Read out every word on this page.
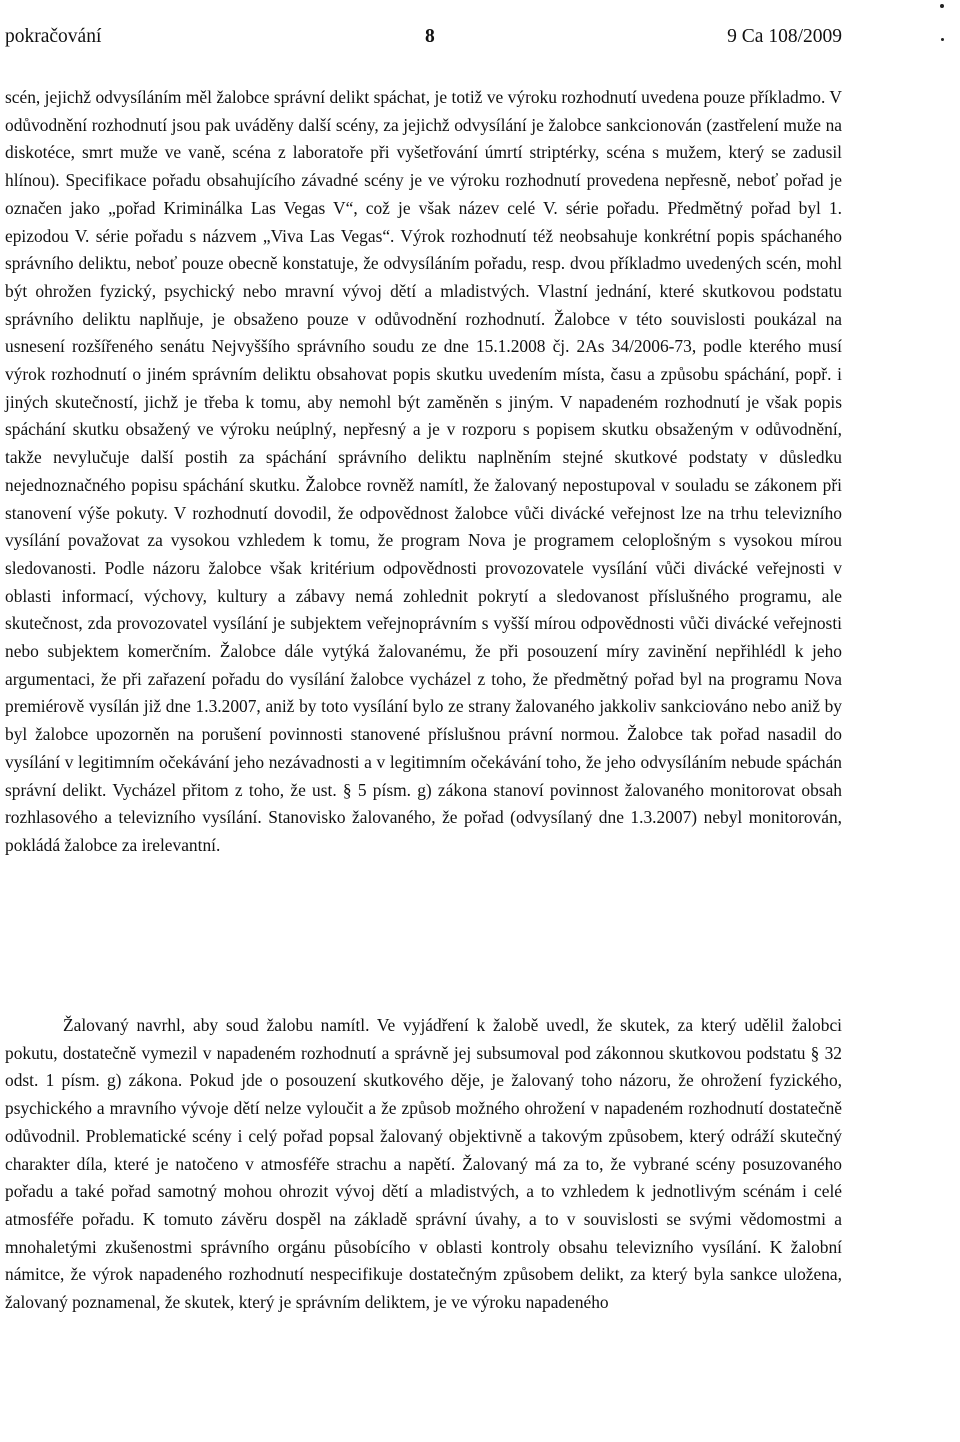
pokračování	8	9 Ca 108/2009

scén, jejichž odvysíláním měl žalobce správní delikt spáchat, je totiž ve výroku rozhodnutí uvedena pouze příkladmo. V odůvodnění rozhodnutí jsou pak uváděny další scény, za jejichž odvysílání je žalobce sankcionován (zastřelení muže na diskotéce, smrt muže ve vaně, scéna z laboratoře při vyšetřování úmrtí striptérky, scéna s mužem, který se zadusil hlínou). Specifikace pořadu obsahujícího závadné scény je ve výroku rozhodnutí provedena nepřesně, neboť pořad je označen jako „pořad Kriminálka Las Vegas V“, což je však název celé V. série pořadu. Předmětný pořad byl 1. epizodou V. série pořadu s názvem „Viva Las Vegas“. Výrok rozhodnutí též neobsahuje konkrétní popis spáchaného správního deliktu, neboť pouze obecně konstatuje, že odvysíláním pořadu, resp. dvou příkladmo uvedených scén, mohl být ohrožen fyzický, psychický nebo mravní vývoj dětí a mladistvých. Vlastní jednání, které skutkovou podstatu správního deliktu naplňuje, je obsaženo pouze v odůvodnění rozhodnutí. Žalobce v této souvislosti poukázal na usnesení rozšířeného senátu Nejvyššího správního soudu ze dne 15.1.2008 čj. 2As 34/2006-73, podle kterého musí výrok rozhodnutí o jiném správním deliktu obsahovat popis skutku uvedením místa, času a způsobu spáchání, popř. i jiných skutečností, jichž je třeba k tomu, aby nemohl být zaměněn s jiným. V napadeném rozhodnutí je však popis spáchání skutku obsažený ve výroku neúplný, nepřesný a je v rozporu s popisem skutku obsaženým v odůvodnění, takže nevylučuje další postih za spáchání správního deliktu naplněním stejné skutkové podstaty v důsledku nejednoznačného popisu spáchání skutku. Žalobce rovněž namítl, že žalovaný nepostupoval v souladu se zákonem při stanovení výše pokuty. V rozhodnutí dovodil, že odpovědnost žalobce vůči divácké veřejnost lze na trhu televizního vysílání považovat za vysokou vzhledem k tomu, že program Nova je programem celoplošným s vysokou mírou sledovanosti. Podle názoru žalobce však kritérium odpovědnosti provozovatele vysílání vůči divácké veřejnosti v oblasti informací, výchovy, kultury a zábavy nemá zohlednit pokrytí a sledovanost příslušného programu, ale skutečnost, zda provozovatel vysílání je subjektem veřejnoprávním s vyšší mírou odpovědnosti vůči divácké veřejnosti nebo subjektem komerčním. Žalobce dále vytýká žalovanému, že při posouzení míry zavinění nepřihlédl k jeho argumentaci, že při zařazení pořadu do vysílání žalobce vycházel z toho, že předmětný pořad byl na programu Nova premiérově vysílán již dne 1.3.2007, aniž by toto vysílání bylo ze strany žalovaného jakkoliv sankciováno nebo aniž by byl žalobce upozorněn na porušení povinnosti stanovené příslušnou právní normou. Žalobce tak pořad nasadil do vysílání v legitimním očekávání jeho nezávadnosti a v legitimním očekávání toho, že jeho odvysíláním nebude spáchán správní delikt. Vycházel přitom z toho, že ust. § 5 písm. g) zákona stanoví povinnost žalovaného monitorovat obsah rozhlasového a televizního vysílání. Stanovisko žalovaného, že pořad (odvysílaný dne 1.3.2007) nebyl monitorován, pokládá žalobce za irelevantní.

Žalovaný navrhl, aby soud žalobu namítl. Ve vyjádření k žalobě uvedl, že skutek, za který udělil žalobci pokutu, dostatečně vymezil v napadeném rozhodnutí a správně jej subsumoval pod zákonnou skutkovou podstatu § 32 odst. 1 písm. g) zákona. Pokud jde o posouzení skutkového děje, je žalovaný toho názoru, že ohrožení fyzického, psychického a mravního vývoje dětí nelze vyloučit a že způsob možného ohrožení v napadeném rozhodnutí dostatečně odůvodnil. Problematické scény i celý pořad popsal žalovaný objektivně a takovým způsobem, který odráží skutečný charakter díla, které je natočeno v atmosféře strachu a napětí. Žalovaný má za to, že vybrané scény posuzovaného pořadu a také pořad samotný mohou ohrozit vývoj dětí a mladistvých, a to vzhledem k jednotlivým scénám i celé atmosféře pořadu. K tomuto závěru dospěl na základě správní úvahy, a to v souvislosti se svými vědomostmi a mnohaletými zkušenostmi správního orgánu působícího v oblasti kontroly obsahu televizního vysílání. K žalobní námitce, že výrok napadeného rozhodnutí nespecifikuje dostatečným způsobem delikt, za který byla sankce uložena, žalovaný poznamenal, že skutek, který je správním deliktem, je ve výroku napadeného
